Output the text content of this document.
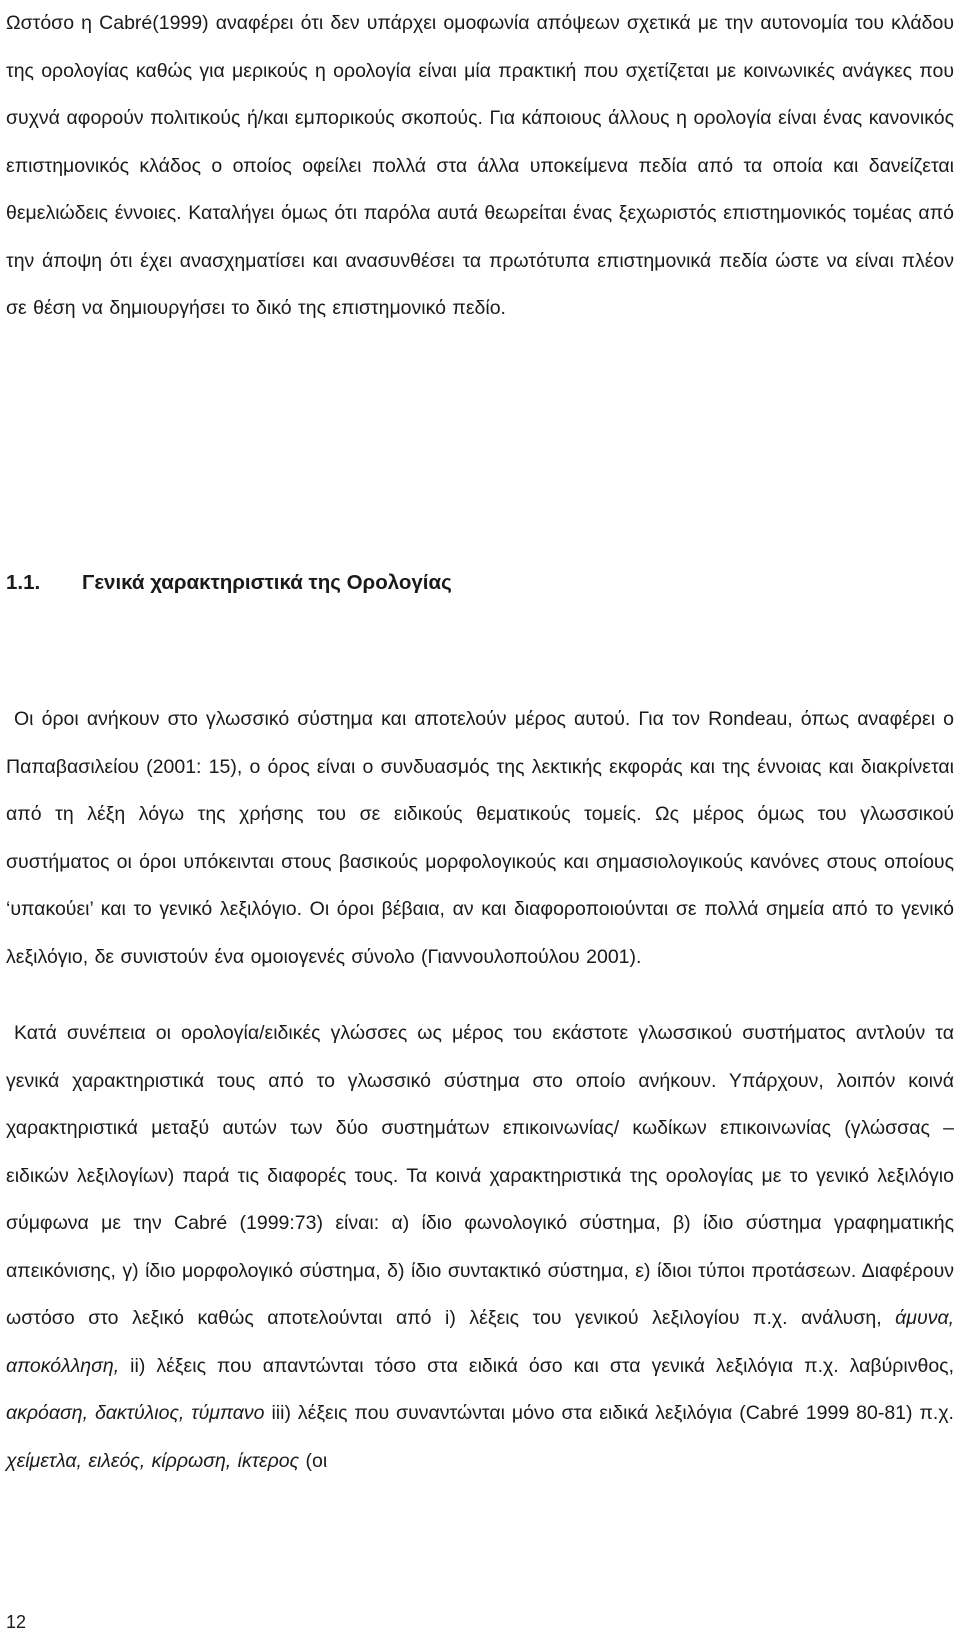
Ωστόσο η Cabré(1999) αναφέρει ότι δεν υπάρχει ομοφωνία απόψεων σχετικά με την αυτονομία του κλάδου της ορολογίας καθώς για μερικούς η ορολογία είναι μία πρακτική που σχετίζεται με κοινωνικές ανάγκες που συχνά αφορούν πολιτικούς ή/και εμπορικούς σκοπούς. Για κάποιους άλλους η ορολογία είναι ένας κανονικός επιστημονικός κλάδος ο οποίος οφείλει πολλά στα άλλα υποκείμενα πεδία από τα οποία και δανείζεται θεμελιώδεις έννοιες. Καταλήγει όμως ότι παρόλα αυτά θεωρείται ένας ξεχωριστός επιστημονικός τομέας από την άποψη ότι έχει ανασχηματίσει και ανασυνθέσει τα πρωτότυπα επιστημονικά πεδία ώστε να είναι πλέον σε θέση να δημιουργήσει το δικό της επιστημονικό πεδίο.

1.1. Γενικά χαρακτηριστικά της Ορολογίας

Οι όροι ανήκουν στο γλωσσικό σύστημα και αποτελούν μέρος αυτού. Για τον Rondeau, όπως αναφέρει ο Παπαβασιλείου (2001: 15), ο όρος είναι ο συνδυασμός της λεκτικής εκφοράς και της έννοιας και διακρίνεται από τη λέξη λόγω της χρήσης του σε ειδικούς θεματικούς τομείς. Ως μέρος όμως του γλωσσικού συστήματος οι όροι υπόκεινται στους βασικούς μορφολογικούς και σημασιολογικούς κανόνες στους οποίους ‘υπακούει’ και το γενικό λεξιλόγιο. Οι όροι βέβαια, αν και διαφοροποιούνται σε πολλά σημεία από το γενικό λεξιλόγιο, δε συνιστούν ένα ομοιογενές σύνολο (Γιαννουλοπούλου 2001).

Κατά συνέπεια οι ορολογία/ειδικές γλώσσες ως μέρος του εκάστοτε γλωσσικού συστήματος αντλούν τα γενικά χαρακτηριστικά τους από το γλωσσικό σύστημα στο οποίο ανήκουν. Υπάρχουν, λοιπόν κοινά χαρακτηριστικά μεταξύ αυτών των δύο συστημάτων επικοινωνίας/ κωδίκων επικοινωνίας (γλώσσας – ειδικών λεξιλογίων) παρά τις διαφορές τους. Τα κοινά χαρακτηριστικά της ορολογίας με το γενικό λεξιλόγιο σύμφωνα με την Cabré (1999:73) είναι: α) ίδιο φωνολογικό σύστημα, β) ίδιο σύστημα γραφηματικής απεικόνισης, γ) ίδιο μορφολογικό σύστημα, δ) ίδιο συντακτικό σύστημα, ε) ίδιοι τύποι προτάσεων. Διαφέρουν ωστόσο στο λεξικό καθώς αποτελούνται από i) λέξεις του γενικού λεξιλογίου π.χ. ανάλυση, άμυνα, αποκόλληση, ii) λέξεις που απαντώνται τόσο στα ειδικά όσο και στα γενικά λεξιλόγια π.χ. λαβύρινθος, ακρόαση, δακτύλιος, τύμπανο iii) λέξεις που συναντώνται μόνο στα ειδικά λεξιλόγια (Cabré 1999 80-81) π.χ. χείμετλα, ειλεός, κίρρωση, ίκτερος (οι

12
